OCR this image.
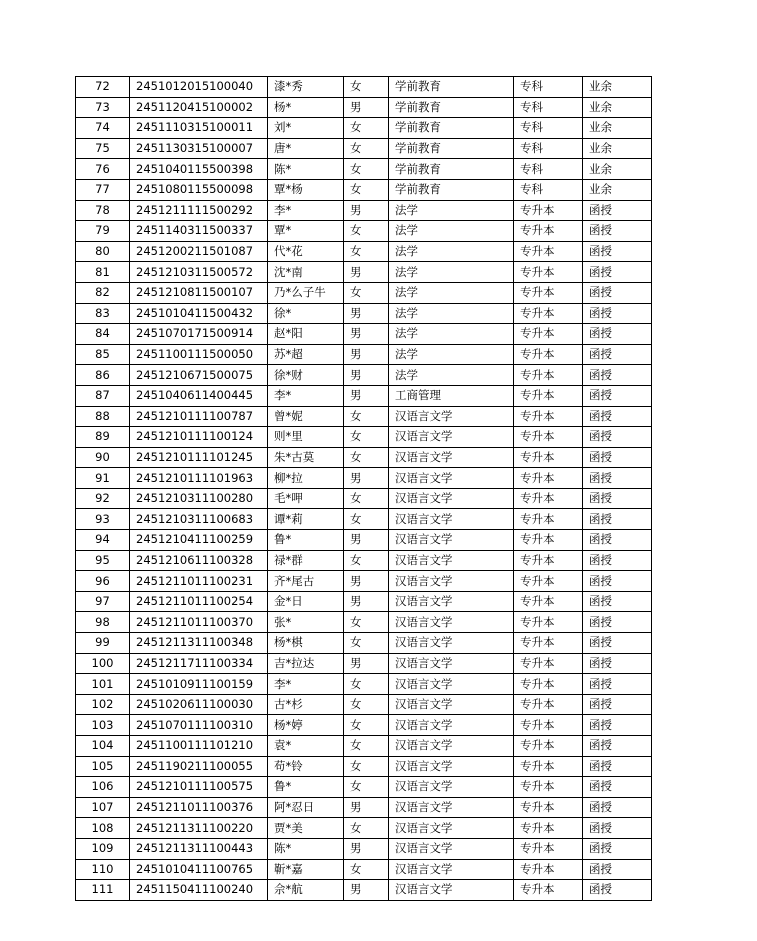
72	2451012015100040	漆*秀	女	学前教育	专科	业余
73	2451120415100002	杨*	男	学前教育	专科	业余
74	2451110315100011	刘*	女	学前教育	专科	业余
75	2451130315100007	唐*	女	学前教育	专科	业余
76	2451040115500398	陈*	女	学前教育	专科	业余
77	2451080115500098	覃*杨	女	学前教育	专科	业余
78	2451211111500292	李*	男	法学	专升本	函授
79	2451140311500337	覃*	女	法学	专升本	函授
80	2451200211501087	代*花	女	法学	专升本	函授
81	2451210311500572	沈*南	男	法学	专升本	函授
82	2451210811500107	乃*么子牛	女	法学	专升本	函授
83	2451010411500432	徐*	男	法学	专升本	函授
84	2451070171500914	赵*阳	男	法学	专升本	函授
85	2451100111500050	苏*超	男	法学	专升本	函授
86	2451210671500075	徐*财	男	法学	专升本	函授
87	2451040611400445	李*	男	工商管理	专升本	函授
88	2451210111100787	曾*妮	女	汉语言文学	专升本	函授
89	2451210111100124	则*里	女	汉语言文学	专升本	函授
90	2451210111101245	朱*古莫	女	汉语言文学	专升本	函授
91	2451210111101963	柳*拉	男	汉语言文学	专升本	函授
92	2451210311100280	毛*呷	女	汉语言文学	专升本	函授
93	2451210311100683	谭*莉	女	汉语言文学	专升本	函授
94	2451210411100259	鲁*	男	汉语言文学	专升本	函授
95	2451210611100328	禄*群	女	汉语言文学	专升本	函授
96	2451211011100231	齐*尾古	男	汉语言文学	专升本	函授
97	2451211011100254	金*日	男	汉语言文学	专升本	函授
98	2451211011100370	张*	女	汉语言文学	专升本	函授
99	2451211311100348	杨*棋	女	汉语言文学	专升本	函授
100	2451211711100334	吉*拉达	男	汉语言文学	专升本	函授
101	2451010911100159	李*	女	汉语言文学	专升本	函授
102	2451020611100030	古*杉	女	汉语言文学	专升本	函授
103	2451070111100310	杨*婷	女	汉语言文学	专升本	函授
104	2451100111101210	袁*	女	汉语言文学	专升本	函授
105	2451190211100055	苟*铃	女	汉语言文学	专升本	函授
106	2451210111100575	鲁*	女	汉语言文学	专升本	函授
107	2451211011100376	阿*忍日	男	汉语言文学	专升本	函授
108	2451211311100220	贾*美	女	汉语言文学	专升本	函授
109	2451211311100443	陈*	男	汉语言文学	专升本	函授
110	2451010411100765	靳*嘉	女	汉语言文学	专升本	函授
111	2451150411100240	佘*航	男	汉语言文学	专升本	函授
